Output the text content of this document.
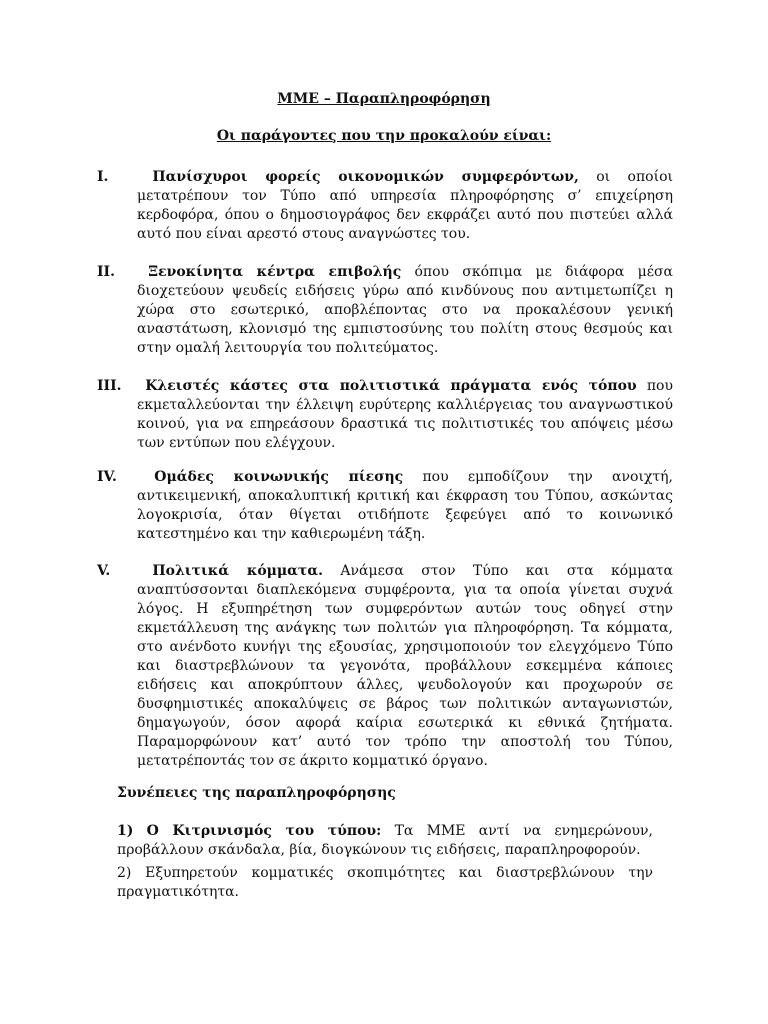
ΜΜΕ – Παραπληροφόρηση

Οι παράγοντες που την προκαλούν είναι:

I.	Πανίσχυροι φορείς οικονομικών συμφερόντων, οι οποίοι μετατρέπουν τον Τύπο από υπηρεσία πληροφόρησης σ’ επιχείρηση κερδοφόρα, όπου ο δημοσιογράφος δεν εκφράζει αυτό που πιστεύει αλλά αυτό που είναι αρεστό στους αναγνώστες του.

II. Ξενοκίνητα κέντρα επιβολής όπου σκόπιμα με διάφορα μέσα διοχετεύουν ψευδείς ειδήσεις γύρω από κινδύνους που αντιμετωπίζει η χώρα στο εσωτερικό, αποβλέποντας στο να προκαλέσουν γενική αναστάτωση, κλονισμό της εμπιστοσύνης του πολίτη στους θεσμούς και στην ομαλή λειτουργία του πολιτεύματος.

III. Κλειστές κάστες στα πολιτιστικά πράγματα ενός τόπου που εκμεταλλεύονται την έλλειψη ευρύτερης καλλιέργειας του αναγνωστικού κοινού, για να επηρεάσουν δραστικά τις πολιτιστικές του απόψεις μέσω των εντύπων που ελέγχουν.

IV.	Ομάδες κοινωνικής πίεσης που εμποδίζουν την ανοιχτή, αντικειμενική, αποκαλυπτική κριτική και έκφραση του Τύπου, ασκώντας λογοκρισία, όταν θίγεται οτιδήποτε ξεφεύγει από το κοινωνικό κατεστημένο και την καθιερωμένη τάξη.

V.	Πολιτικά κόμματα. Ανάμεσα στον Τύπο και στα κόμματα αναπτύσσονται διαπλεκόμενα συμφέροντα, για τα οποία γίνεται συχνά λόγος. Η εξυπηρέτηση των συμφερόντων αυτών τους οδηγεί στην εκμετάλλευση της ανάγκης των πολιτών για πληροφόρηση. Τα κόμματα, στο ανένδοτο κυνήγι της εξουσίας, χρησιμοποιούν τον ελεγχόμενο Τύπο και διαστρεβλώνουν τα γεγονότα, προβάλλουν εσκεμμένα κάποιες ειδήσεις και αποκρύπτουν άλλες, ψευδολογούν και προχωρούν σε δυσφημιστικές αποκαλύψεις σε βάρος των πολιτικών ανταγωνιστών, δημαγωγούν, όσον αφορά καίρια εσωτερικά κι εθνικά ζητήματα. Παραμορφώνουν κατ’ αυτό τον τρόπο την αποστολή του Τύπου, μετατρέποντάς τον σε άκριτο κομματικό όργανο.

Συνέπειες της παραπληροφόρησης

1) Ο Κιτρινισμός του τύπου: Τα ΜΜΕ αντί να ενημερώνουν, προβάλλουν σκάνδαλα, βία, διογκώνουν τις ειδήσεις, παραπληροφορούν.

2) Εξυπηρετούν κομματικές σκοπιμότητες και διαστρεβλώνουν την πραγματικότητα.
